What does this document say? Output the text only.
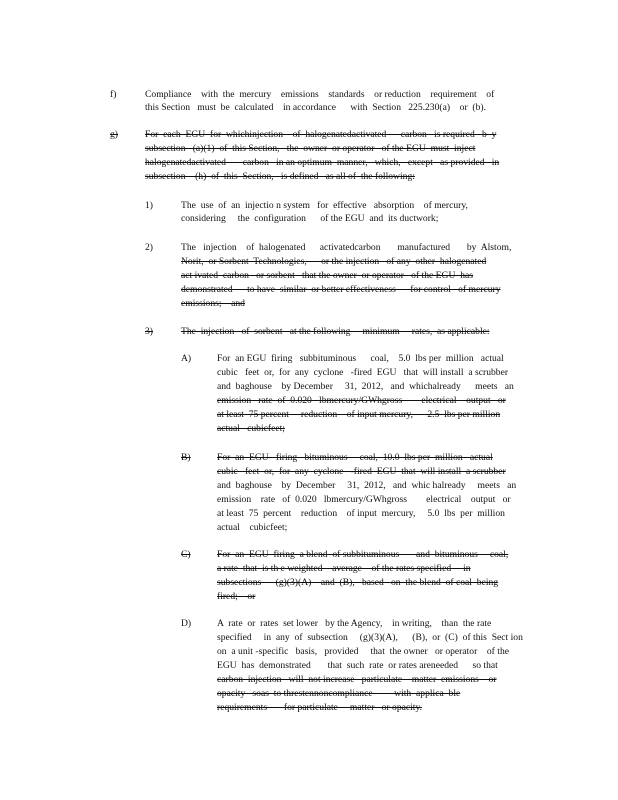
f)	Compliance    with  the  mercury    emissions    standards    or reduction    requirement    of
this Section   must  be  calculated    in accordance      with  Section   225.230(a)    or  (b).
g)	For  each  EGU  for  whichinjection    of  halogenatedactivated      carbon   is required   b  y
subsection   (a)(1)  of  this Section,   the  owner  or operator   of the EGU  must  inject
halogenatedactivated       carbon   in an optimum  manner,   which,   except   as provided   in
subsection    (h)  of  this  Section,   is defined   as all of  the following:
1)	The  use  of  an  injectio n system   for  effective   absorption    of mercury,
considering     the  configuration      of the EGU  and  its ductwork;
2)	The   injection    of  halogenated      activatedcarbon       manufactured       by  Alstom,
Norit,  or Sorbent  Technologies,      or the injection   of any  other  halogenated
act ivated  carbon   or sorbent   that the owner  or operator   of the EGU  has
demonstrated      to have  similar  or better effectiveness      for control   of mercury
emissions;    and
3)	The  injection   of  sorbent   at the following     minimum     rates,  as applicable:
A)	For  an EGU  firing   subbituminous      coal,    5.0  lbs per  million   actual
cubic   feet  or,  for  any  cyclone   -fired  EGU   that  will install  a scrubber
and  baghouse    by December     31,  2012,   and  whichalready      meets   an
emission   rate  of  0.020   lbmercury/GWhgross        electrical    output   or
at least  75 percent     reduction    of input mercury,      2.5  lbs per million
actual   cubicfeet;
B)	For  an  EGU   firing   bituminous     coal,  10.0  lbs per  million   actual
cubic   feet  or,  for  any  cyclone   -fired  EGU  that  will install  a scrubber
and  baghouse    by  December     31,  2012,   and  whic halready     meets   an
emission    rate   of  0.020   lbmercury/GWhgross        electrical    output   or
at least  75  percent    reduction    of input  mercury,     5.0  lbs  per  million
actual    cubicfeet;
C)	For  an  EGU  firing  a blend  of subbituminous       and  bituminous     coal,
a rate  that  is th e weighted    average    of the rates specified     in
subsections      (g)(3)(A)    and  (B),   based   on  the blend  of coal  being
fired;    or
D)	A  rate  or  rates  set lower   by the Agency,    in writing,    than  the rate
specified     in  any  of  subsection     (g)(3)(A),      (B),  or  (C)  of this  Sect ion
on  a unit -specific   basis,   provided     that  the owner   or operator    of the
EGU  has  demonstrated       that  such  rate  or rates areneeded      so that
carbon  injection   will  not increase   particulate    matter  emissions    or
opacity   soas  to threstennoncompliance         with  applica  ble
requirements       for particulate     matter   or opacity.
